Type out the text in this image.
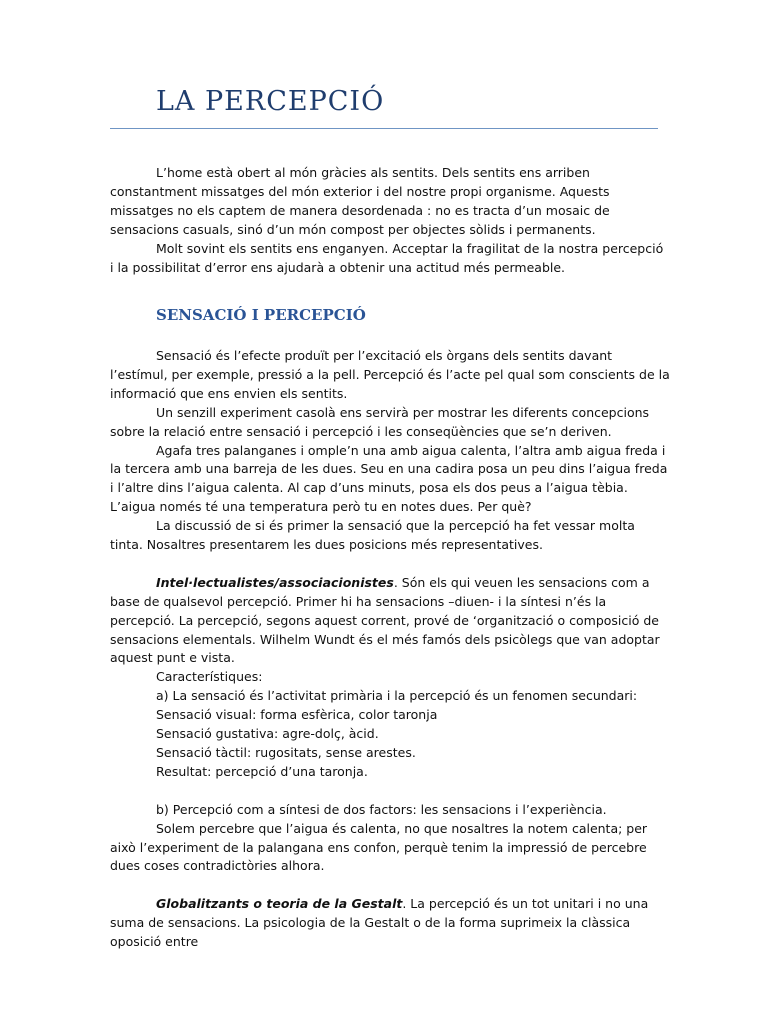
LA PERCEPCIÓ

L’home està obert al món gràcies als sentits. Dels sentits ens arriben constantment missatges del món exterior i del nostre propi organisme. Aquests missatges no els captem de manera desordenada : no es tracta d’un mosaic de sensacions casuals, sinó d’un món compost per objectes sòlids i permanents.

Molt sovint els sentits ens enganyen. Acceptar la fragilitat de la nostra percepció i la possibilitat d’error ens ajudarà a obtenir una actitud més permeable.

SENSACIÓ I PERCEPCIÓ

Sensació és l’efecte produït per l’excitació els òrgans dels sentits davant l’estímul, per exemple, pressió a la pell. Percepció és l’acte pel qual som conscients de la informació que ens envien els sentits.

Un senzill experiment casolà ens servirà per mostrar les diferents concepcions sobre la relació entre sensació i percepció i les conseqüències que se’n deriven.

Agafa tres palanganes i omple’n una amb aigua calenta, l’altra amb aigua freda i la tercera amb una barreja de les dues. Seu en una cadira posa un peu dins l’aigua freda i l’altre dins l’aigua calenta. Al cap d’uns minuts, posa els dos peus a l’aigua tèbia. L’aigua només té una temperatura però tu en notes dues. Per què?

La discussió de si és primer la sensació que la percepció ha fet vessar molta tinta. Nosaltres presentarem les dues posicions més representatives.

Intel·lectualistes/associacionistes. Són els qui veuen les sensacions com a base de qualsevol percepció. Primer hi ha sensacions –diuen- i la síntesi n’és la percepció. La percepció, segons aquest corrent, prové de ‘organització o composició de sensacions elementals. Wilhelm Wundt és el més famós dels psicòlegs que van adoptar aquest punt e vista.

Característiques:

a) La sensació és l’activitat primària i la percepció és un fenomen secundari:

Sensació visual: forma esfèrica, color taronja

Sensació gustativa: agre-dolç, àcid.

Sensació tàctil: rugositats, sense arestes.

Resultat: percepció d’una taronja.

b) Percepció com a síntesi de dos factors: les sensacions i l’experiència.

Solem percebre que l’aigua és calenta, no que nosaltres la notem calenta; per això l’experiment de la palangana ens confon, perquè tenim la impressió de percebre dues coses contradictòries alhora.

Globalitzants o teoria de la Gestalt. La percepció és un tot unitari i no una suma de sensacions. La psicologia de la Gestalt o de la forma suprimeix la clàssica oposició entre
